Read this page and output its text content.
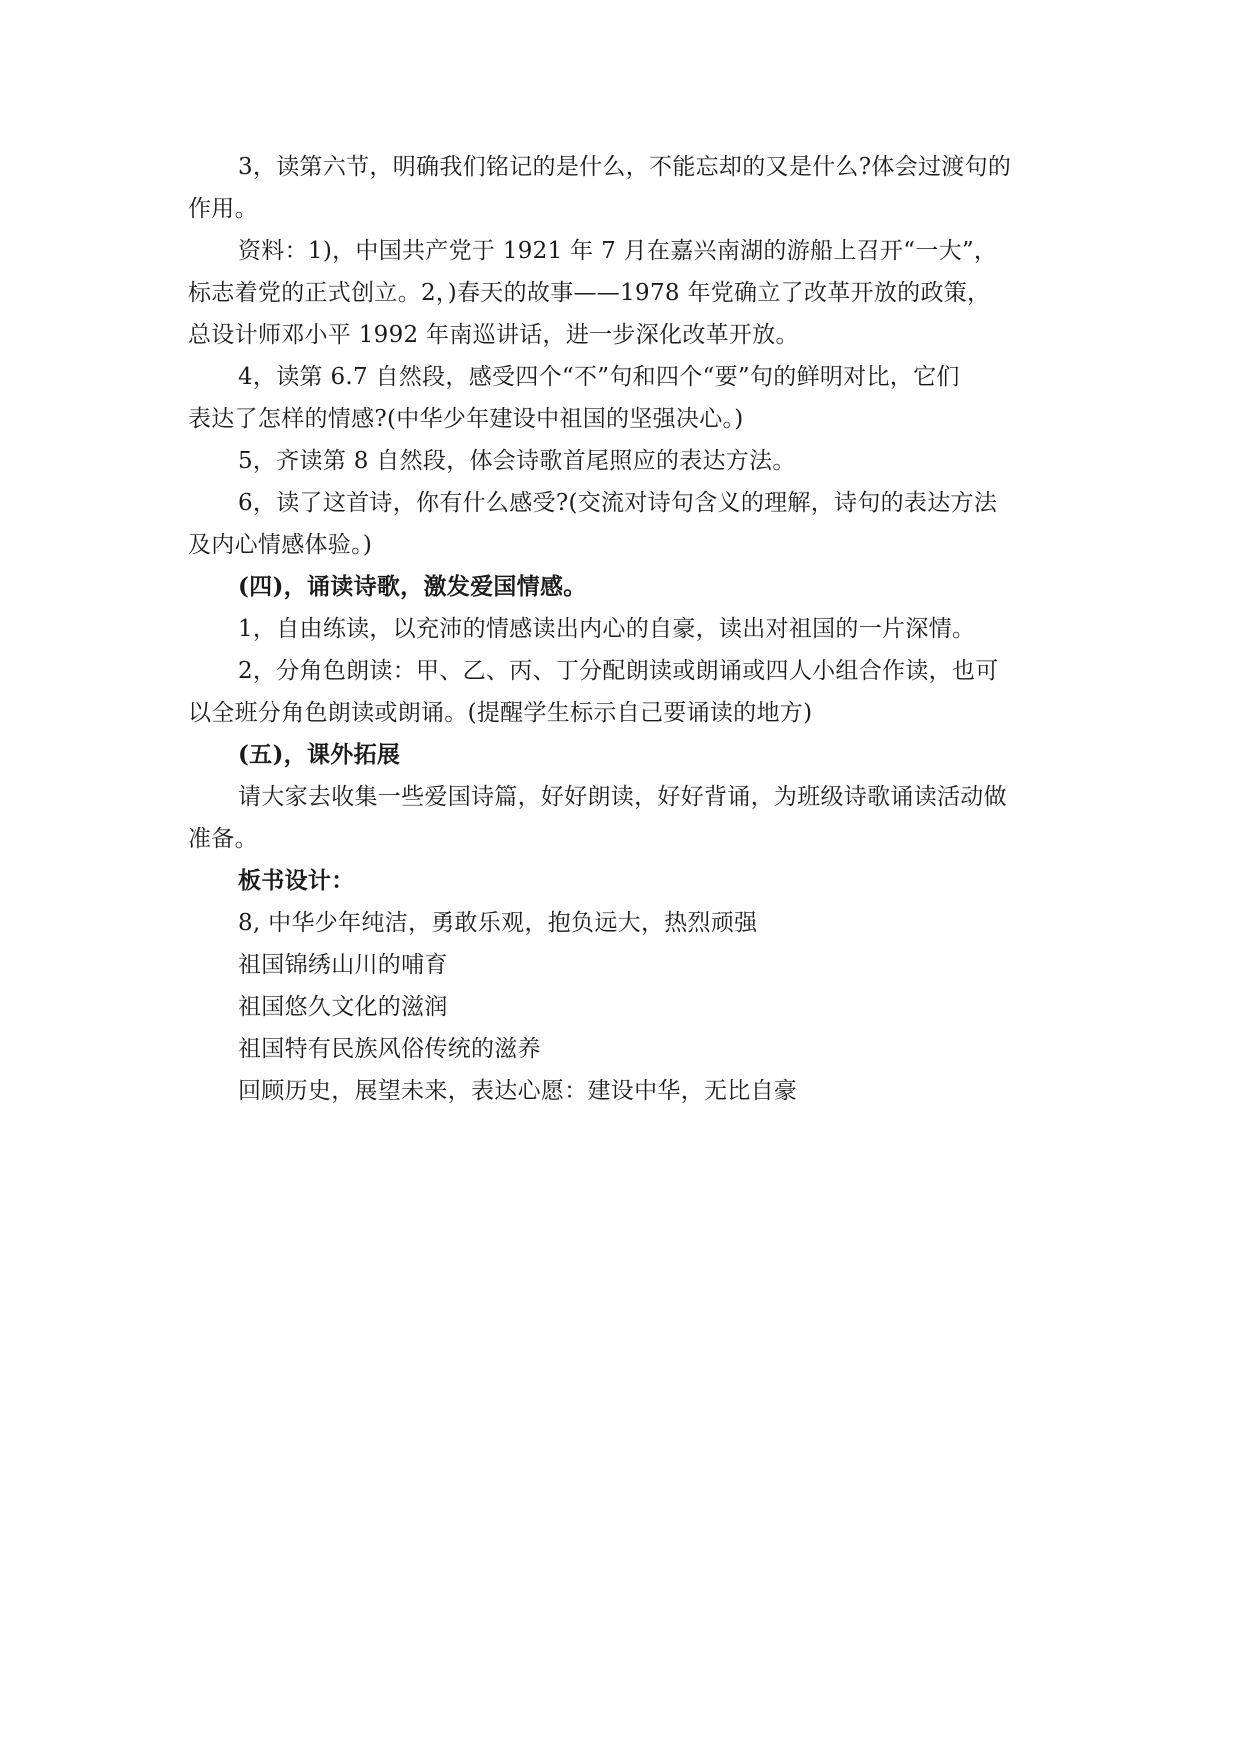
3，读第六节，明确我们铭记的是什么，不能忘却的又是什么?体会过渡句的
作用。
资料：1)，中国共产党于 1921 年 7 月在嘉兴南湖的游船上召开“一大”，
标志着党的正式创立。2，)春天的故事——1978 年党确立了改革开放的政策，
总设计师邓小平 1992 年南巡讲话，进一步深化改革开放。
4，读第 6.7 自然段，感受四个“不”句和四个“要”句的鲜明对比，它们
表达了怎样的情感?(中华少年建设中祖国的坚强决心。)
5，齐读第 8 自然段，体会诗歌首尾照应的表达方法。
6，读了这首诗，你有什么感受?(交流对诗句含义的理解，诗句的表达方法
及内心情感体验。)
(四)，诵读诗歌，激发爱国情感。
1，自由练读，以充沛的情感读出内心的自豪，读出对祖国的一片深情。
2，分角色朗读：甲、乙、丙、丁分配朗读或朗诵或四人小组合作读，也可
以全班分角色朗读或朗诵。(提醒学生标示自己要诵读的地方)
(五)，课外拓展
请大家去收集一些爱国诗篇，好好朗读，好好背诵，为班级诗歌诵读活动做
准备。
板书设计：
8, 中华少年纯洁，勇敢乐观，抱负远大，热烈顽强
祖国锦绣山川的哺育
祖国悠久文化的滋润
祖国特有民族风俗传统的滋养
回顾历史，展望未来，表达心愿：建设中华，无比自豪
